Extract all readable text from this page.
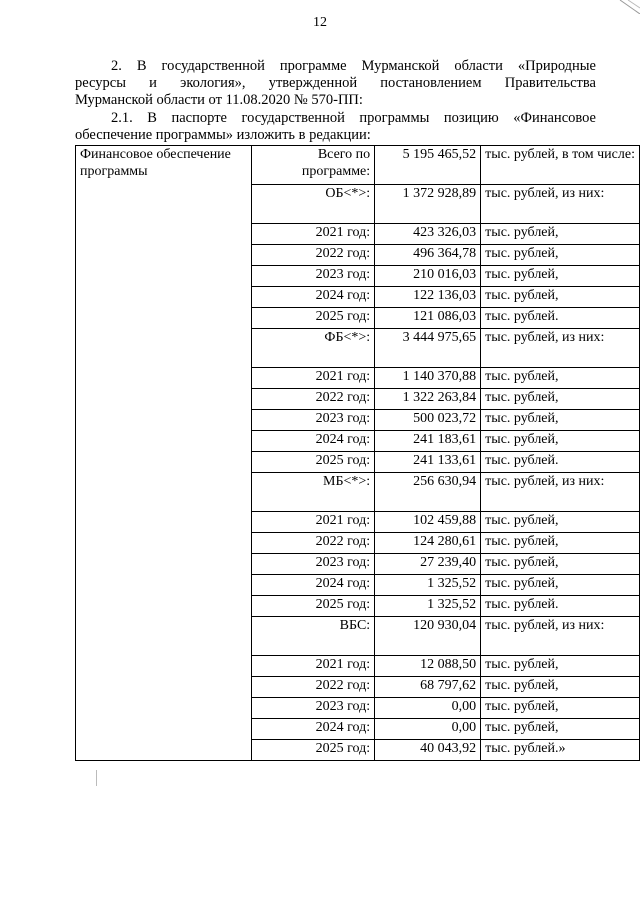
12
2. В государственной программе Мурманской области «Природные
ресурсы и экология», утвержденной постановлением Правительства
Мурманской области от 11.08.2020 № 570-ПП:
2.1. В паспорте государственной программы позицию «Финансовое
обеспечение программы» изложить в редакции:
Финансовое обеспечение программы	Всего по программе:	5 195 465,52	тыс. рублей, в том числе:
	ОБ<*>:	1 372 928,89	тыс. рублей, из них:
	2021 год:	423 326,03	тыс. рублей,
	2022 год:	496 364,78	тыс. рублей,
	2023 год:	210 016,03	тыс. рублей,
	2024 год:	122 136,03	тыс. рублей,
	2025 год:	121 086,03	тыс. рублей.
	ФБ<*>:	3 444 975,65	тыс. рублей, из них:
	2021 год:	1 140 370,88	тыс. рублей,
	2022 год:	1 322 263,84	тыс. рублей,
	2023 год:	500 023,72	тыс. рублей,
	2024 год:	241 183,61	тыс. рублей,
	2025 год:	241 133,61	тыс. рублей.
	МБ<*>:	256 630,94	тыс. рублей, из них:
	2021 год:	102 459,88	тыс. рублей,
	2022 год:	124 280,61	тыс. рублей,
	2023 год:	27 239,40	тыс. рублей,
	2024 год:	1 325,52	тыс. рублей,
	2025 год:	1 325,52	тыс. рублей.
	ВБС:	120 930,04	тыс. рублей, из них:
	2021 год:	12 088,50	тыс. рублей,
	2022 год:	68 797,62	тыс. рублей,
	2023 год:	0,00	тыс. рублей,
	2024 год:	0,00	тыс. рублей,
	2025 год:	40 043,92	тыс. рублей.»
